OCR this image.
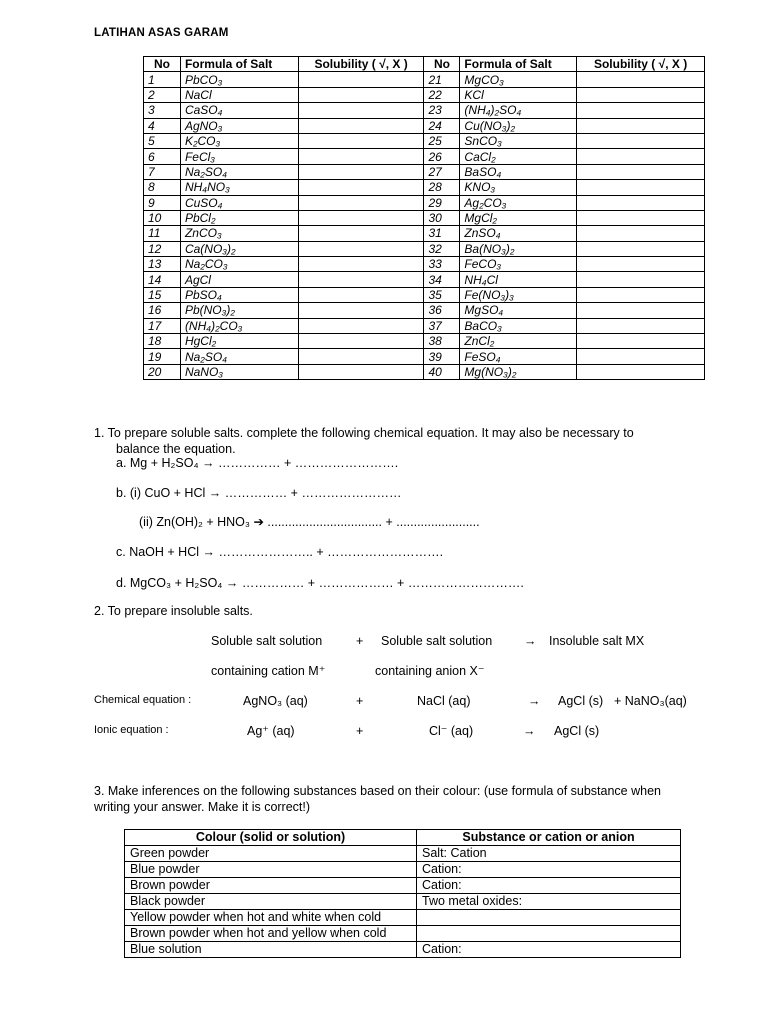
LATIHAN ASAS GARAM
No	Formula of Salt	Solubility ( √, X )	No	Formula of Salt	Solubility ( √, X )
1	PbCO₃		21	MgCO₃	
2	NaCl		22	KCl	
3	CaSO₄		23	(NH₄)₂SO₄	
4	AgNO₃		24	Cu(NO₃)₂	
5	K₂CO₃		25	SnCO₃	
6	FeCl₃		26	CaCl₂	
7	Na₂SO₄		27	BaSO₄	
8	NH₄NO₃		28	KNO₃	
9	CuSO₄		29	Ag₂CO₃	
10	PbCl₂		30	MgCl₂	
11	ZnCO₃		31	ZnSO₄	
12	Ca(NO₃)₂		32	Ba(NO₃)₂	
13	Na₂CO₃		33	FeCO₃	
14	AgCl		34	NH₄Cl	
15	PbSO₄		35	Fe(NO₃)₃	
16	Pb(NO₃)₂		36	MgSO₄	
17	(NH₄)₂CO₃		37	BaCO₃	
18	HgCl₂		38	ZnCl₂	
19	Na₂SO₄		39	FeSO₄	
20	NaNO₃		40	Mg(NO₃)₂	
1. To prepare soluble salts. complete the following chemical equation. It may also be necessary to
balance the equation.
a. Mg + H₂SO₄ → …………… + …………………….
b. (i) CuO + HCl → …………… + ……………………
(ii) Zn(OH)₂ + HNO₃ ➔ ................................. + ........................
c. NaOH + HCl → ………………….. + ……………………….
d. MgCO₃ + H₂SO₄ → …………… + ……………… + ……………………….
2. To prepare insoluble salts.
Soluble salt solution	+ Soluble salt solution	→ Insoluble salt MX
containing cation M⁺	containing anion X⁻
Chemical equation :	AgNO₃ (aq)	+	NaCl (aq)	→ AgCl (s) + NaNO₃(aq)
Ionic equation :	Ag⁺ (aq)	+	Cl⁻ (aq)	→ AgCl (s)
3. Make inferences on the following substances based on their colour: (use formula of substance when
writing your answer. Make it is correct!)
Colour (solid or solution)	Substance or cation or anion
Green powder	Salt: Cation
Blue powder	Cation:
Brown powder	Cation:
Black powder	Two metal oxides:
Yellow powder when hot and white when cold	
Brown powder when hot and yellow when cold	
Blue solution	Cation:
